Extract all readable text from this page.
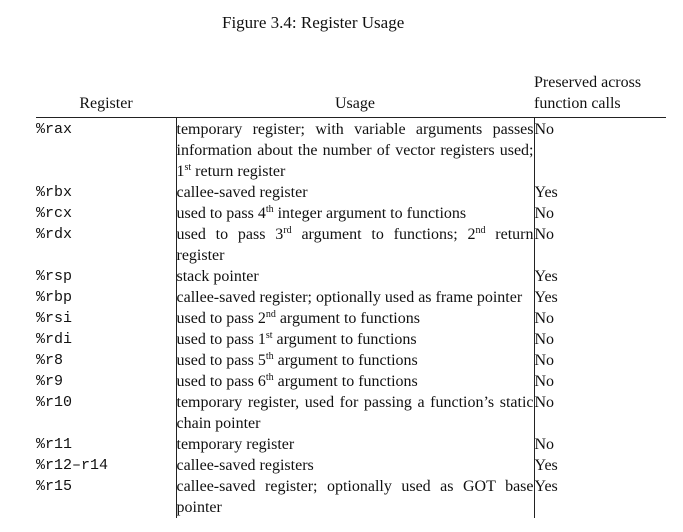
Figure 3.4: Register Usage
Register	Usage	Preserved across
function calls
%rax	temporary register; with variable arguments passes information about the number of vector registers used; 1st return register	No
%rbx	callee-saved register	Yes
%rcx	used to pass 4th integer argument to functions	No
%rdx	used to pass 3rd argument to functions; 2nd return register	No
%rsp	stack pointer	Yes
%rbp	callee-saved register; optionally used as frame pointer	Yes
%rsi	used to pass 2nd argument to functions	No
%rdi	used to pass 1st argument to functions	No
%r8	used to pass 5th argument to functions	No
%r9	used to pass 6th argument to functions	No
%r10	temporary register, used for passing a function’s static chain pointer	No
%r11	temporary register	No
%r12–r14	callee-saved registers	Yes
%r15	callee-saved register; optionally used as GOT base pointer	Yes
